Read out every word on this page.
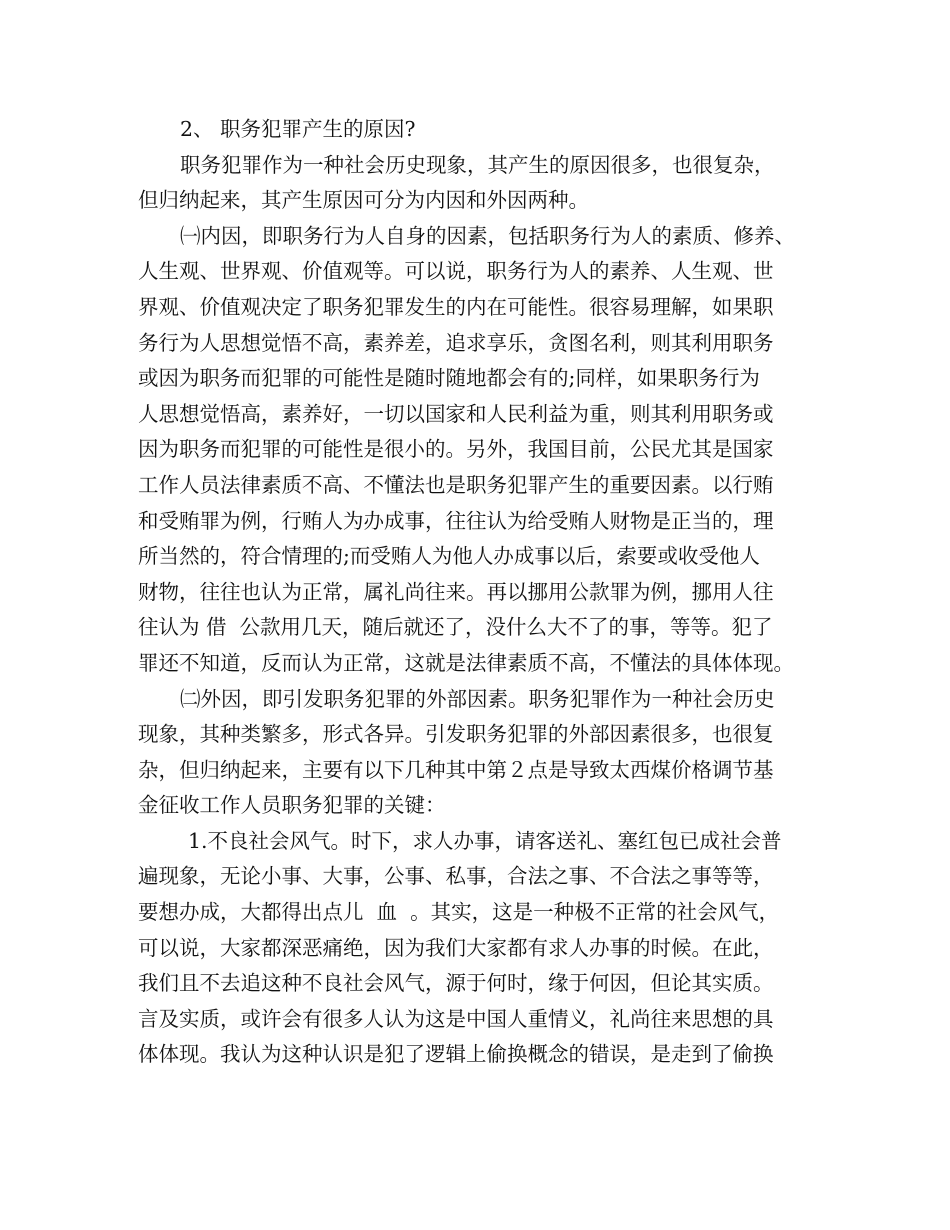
2、 职务犯罪产生的原因?
职务犯罪作为一种社会历史现象，其产生的原因很多，也很复杂，
但归纳起来，其产生原因可分为内因和外因两种。
㈠内因，即职务行为人自身的因素，包括职务行为人的素质、修养、
人生观、世界观、价值观等。可以说，职务行为人的素养、人生观、世
界观、价值观决定了职务犯罪发生的内在可能性。很容易理解，如果职
务行为人思想觉悟不高，素养差，追求享乐，贪图名利，则其利用职务
或因为职务而犯罪的可能性是随时随地都会有的;同样，如果职务行为
人思想觉悟高，素养好，一切以国家和人民利益为重，则其利用职务或
因为职务而犯罪的可能性是很小的。另外，我国目前，公民尤其是国家
工作人员法律素质不高、不懂法也是职务犯罪产生的重要因素。以行贿
和受贿罪为例，行贿人为办成事，往往认为给受贿人财物是正当的，理
所当然的，符合情理的;而受贿人为他人办成事以后，索要或收受他人
财物，往往也认为正常，属礼尚往来。再以挪用公款罪为例，挪用人往
往认为 借  公款用几天，随后就还了，没什么大不了的事，等等。犯了
罪还不知道，反而认为正常，这就是法律素质不高，不懂法的具体体现。
㈡外因，即引发职务犯罪的外部因素。职务犯罪作为一种社会历史
现象，其种类繁多，形式各异。引发职务犯罪的外部因素很多，也很复
杂，但归纳起来，主要有以下几种其中第２点是导致太西煤价格调节基
金征收工作人员职务犯罪的关键：
1.不良社会风气。时下，求人办事，请客送礼、塞红包已成社会普
遍现象，无论小事、大事，公事、私事，合法之事、不合法之事等等，
要想办成，大都得出点儿  血  。其实，这是一种极不正常的社会风气，
可以说，大家都深恶痛绝，因为我们大家都有求人办事的时候。在此，
我们且不去追这种不良社会风气，源于何时，缘于何因，但论其实质。
言及实质，或许会有很多人认为这是中国人重情义，礼尚往来思想的具
体体现。我认为这种认识是犯了逻辑上偷换概念的错误，是走到了偷换
